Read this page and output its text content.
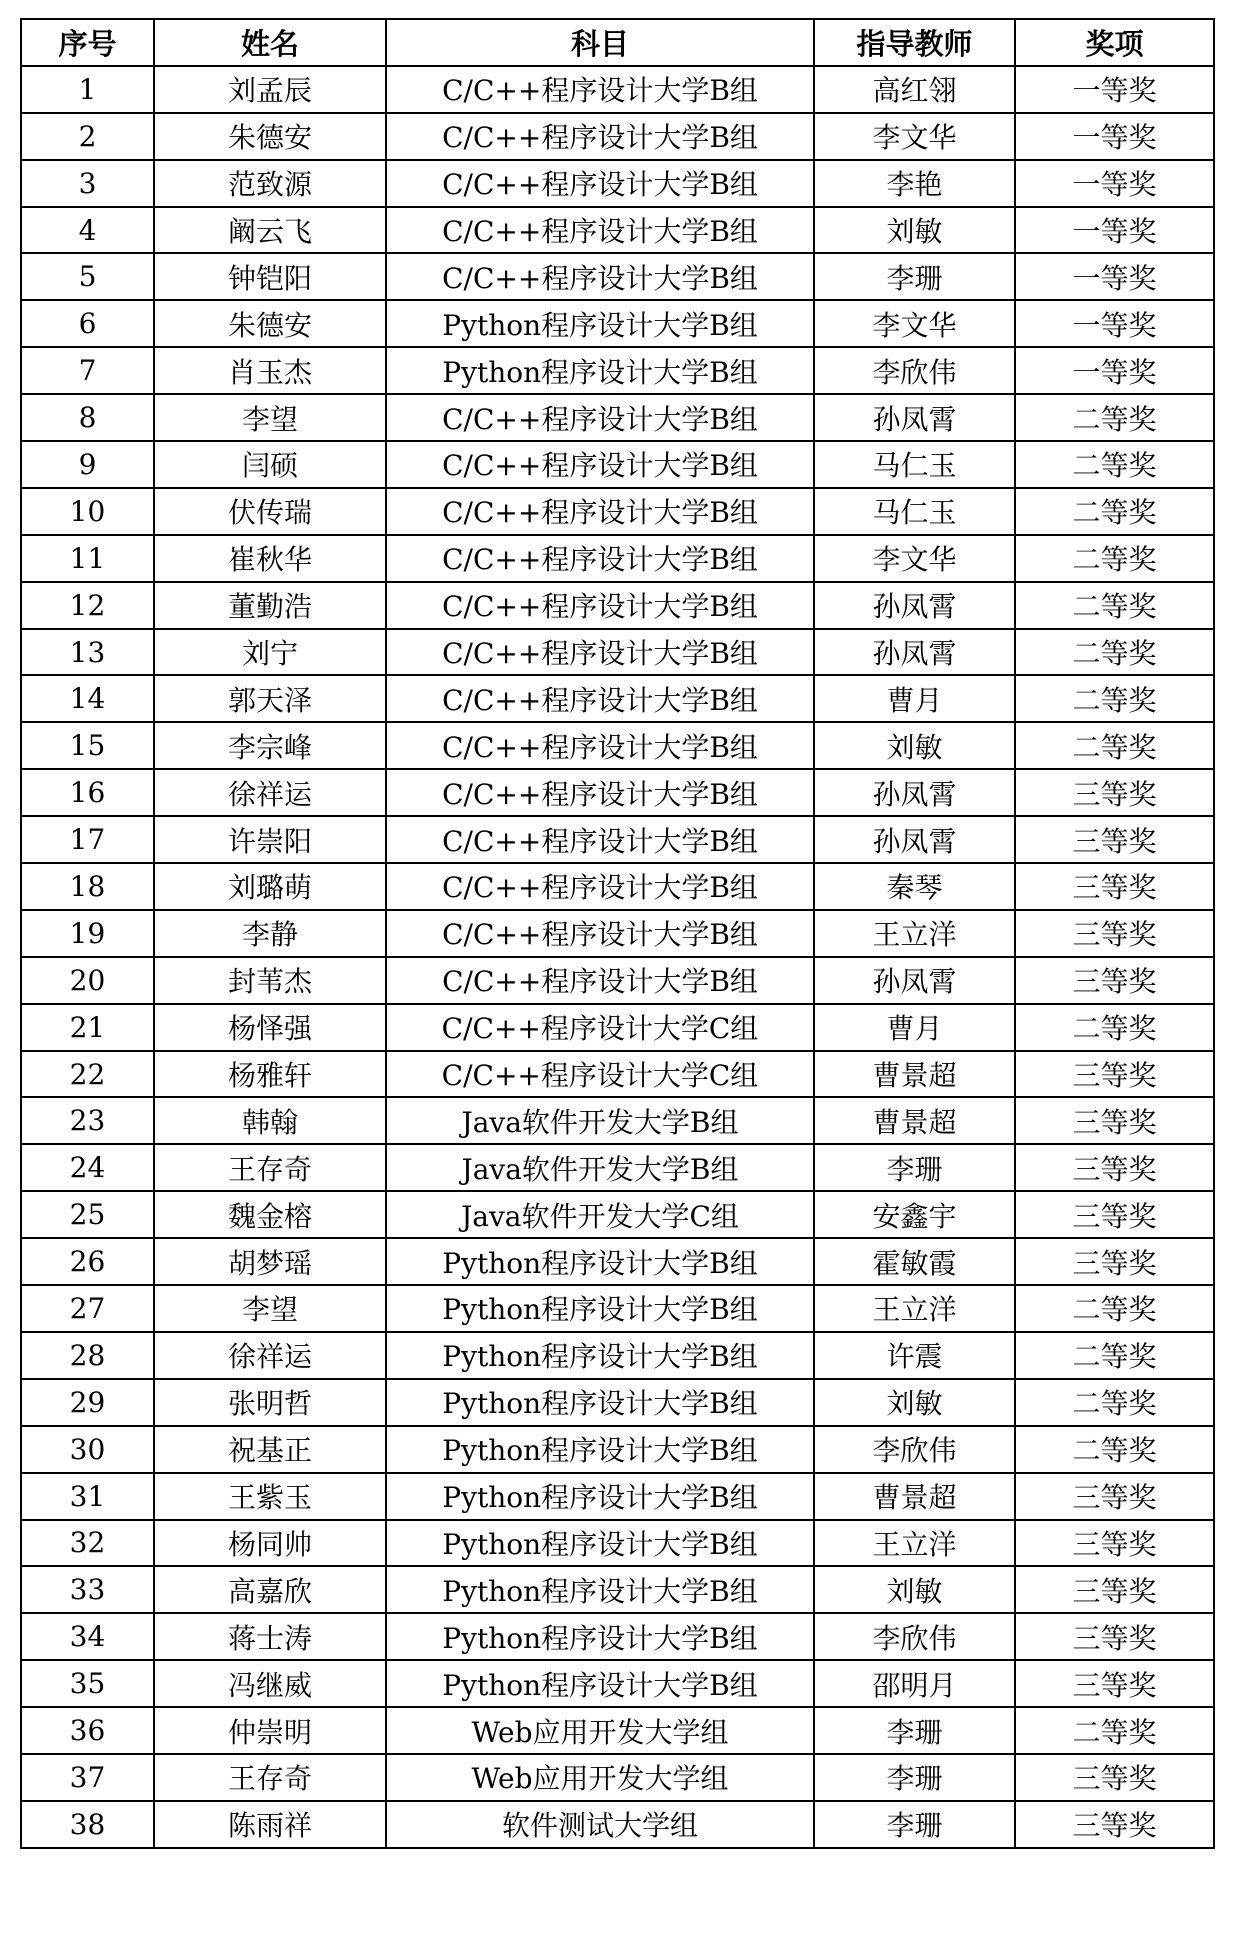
序号	姓名	科目	指导教师	奖项
1	刘孟辰	C/C++程序设计大学B组	高红翎	一等奖
2	朱德安	C/C++程序设计大学B组	李文华	一等奖
3	范致源	C/C++程序设计大学B组	李艳	一等奖
4	阚云飞	C/C++程序设计大学B组	刘敏	一等奖
5	钟铠阳	C/C++程序设计大学B组	李珊	一等奖
6	朱德安	Python程序设计大学B组	李文华	一等奖
7	肖玉杰	Python程序设计大学B组	李欣伟	一等奖
8	李望	C/C++程序设计大学B组	孙凤霄	二等奖
9	闫硕	C/C++程序设计大学B组	马仁玉	二等奖
10	伏传瑞	C/C++程序设计大学B组	马仁玉	二等奖
11	崔秋华	C/C++程序设计大学B组	李文华	二等奖
12	董勤浩	C/C++程序设计大学B组	孙凤霄	二等奖
13	刘宁	C/C++程序设计大学B组	孙凤霄	二等奖
14	郭天泽	C/C++程序设计大学B组	曹月	二等奖
15	李宗峰	C/C++程序设计大学B组	刘敏	二等奖
16	徐祥运	C/C++程序设计大学B组	孙凤霄	三等奖
17	许崇阳	C/C++程序设计大学B组	孙凤霄	三等奖
18	刘璐萌	C/C++程序设计大学B组	秦琴	三等奖
19	李静	C/C++程序设计大学B组	王立洋	三等奖
20	封苇杰	C/C++程序设计大学B组	孙凤霄	三等奖
21	杨怿强	C/C++程序设计大学C组	曹月	二等奖
22	杨雅轩	C/C++程序设计大学C组	曹景超	三等奖
23	韩翰	Java软件开发大学B组	曹景超	三等奖
24	王存奇	Java软件开发大学B组	李珊	三等奖
25	魏金榕	Java软件开发大学C组	安鑫宇	三等奖
26	胡梦瑶	Python程序设计大学B组	霍敏霞	三等奖
27	李望	Python程序设计大学B组	王立洋	二等奖
28	徐祥运	Python程序设计大学B组	许震	二等奖
29	张明哲	Python程序设计大学B组	刘敏	二等奖
30	祝基正	Python程序设计大学B组	李欣伟	二等奖
31	王紫玉	Python程序设计大学B组	曹景超	三等奖
32	杨同帅	Python程序设计大学B组	王立洋	三等奖
33	高嘉欣	Python程序设计大学B组	刘敏	三等奖
34	蒋士涛	Python程序设计大学B组	李欣伟	三等奖
35	冯继威	Python程序设计大学B组	邵明月	三等奖
36	仲崇明	Web应用开发大学组	李珊	二等奖
37	王存奇	Web应用开发大学组	李珊	三等奖
38	陈雨祥	软件测试大学组	李珊	三等奖
